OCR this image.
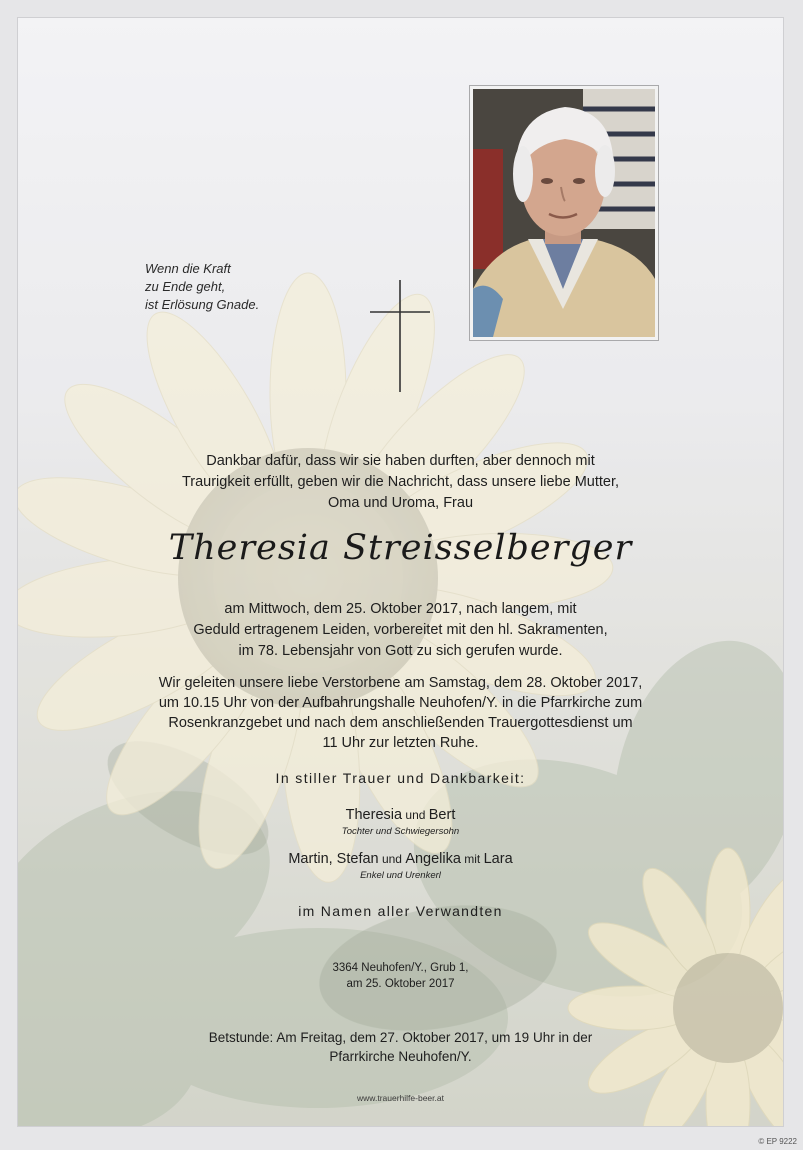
Wenn die Kraft
zu Ende geht,
ist Erlösung Gnade.
Dankbar dafür, dass wir sie haben durften, aber dennoch mit
Traurigkeit erfüllt, geben wir die Nachricht, dass unsere liebe Mutter,
Oma und Uroma, Frau
Theresia Streisselberger
am Mittwoch, dem 25. Oktober 2017, nach langem, mit
Geduld ertragenem Leiden, vorbereitet mit den hl. Sakramenten,
im 78. Lebensjahr von Gott zu sich gerufen wurde.
Wir geleiten unsere liebe Verstorbene am Samstag, dem 28. Oktober 2017,
um 10.15 Uhr von der Aufbahrungshalle Neuhofen/Y. in die Pfarrkirche zum
Rosenkranzgebet und nach dem anschließenden Trauergottesdienst um
11 Uhr zur letzten Ruhe.
In stiller Trauer und Dankbarkeit:
Theresia und Bert
Tochter und Schwiegersohn
Martin, Stefan und Angelika mit Lara
Enkel und Urenkerl
im Namen aller Verwandten
3364 Neuhofen/Y., Grub 1,
am 25. Oktober 2017
Betstunde: Am Freitag, dem 27. Oktober 2017, um 19 Uhr in der
Pfarrkirche Neuhofen/Y.
www.trauerhilfe-beer.at
© EP 9222
